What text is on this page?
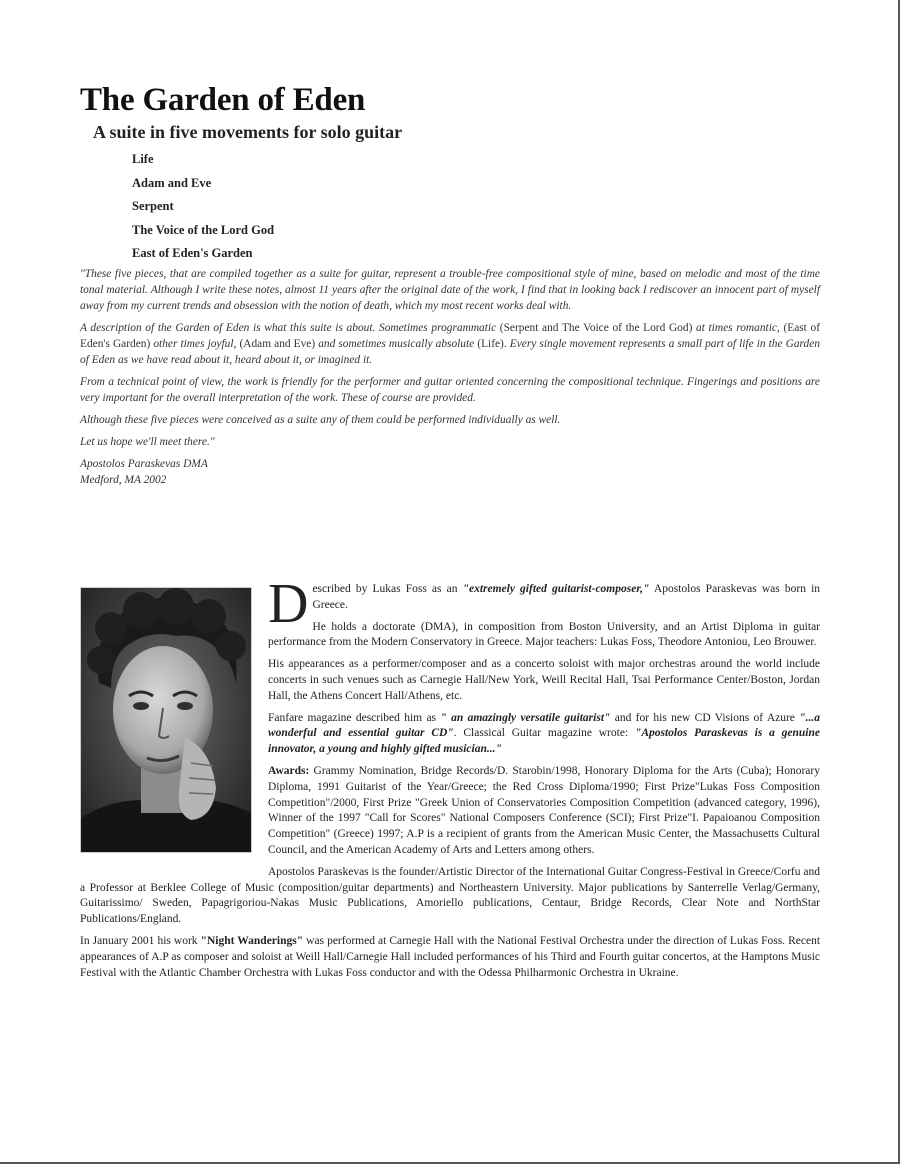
The Garden of Eden
A suite in five movements for solo guitar
Life
Adam and Eve
Serpent
The Voice of the Lord God
East of Eden's Garden

"These five pieces, that are compiled together as a suite for guitar, represent a trouble-free compositional style of mine, based on melodic and most of the time tonal material. Although I write these notes, almost 11 years after the original date of the work, I find that in looking back I rediscover an innocent part of myself away from my current trends and obsession with the notion of death, which my most recent works deal with.

A description of the Garden of Eden is what this suite is about. Sometimes programmatic (Serpent and The Voice of the Lord God) at times romantic, (East of Eden's Garden) other times joyful, (Adam and Eve) and sometimes musically absolute (Life). Every single movement represents a small part of life in the Garden of Eden as we have read about it, heard about it, or imagined it.

From a technical point of view, the work is friendly for the performer and guitar oriented concerning the compositional technique. Fingerings and positions are very important for the overall interpretation of the work. These of course are provided.

Although these five pieces were conceived as a suite any of them could be performed individually as well.

Let us hope we'll meet there."

Apostolos Paraskevas DMA

Medford, MA 2002

Described by Lukas Foss as an "extremely gifted guitarist-composer," Apostolos Paraskevas was born in Greece.

He holds a doctorate (DMA), in composition from Boston University, and an Artist Diploma in guitar performance from the Modern Conservatory in Greece. Major teachers: Lukas Foss, Theodore Antoniou, Leo Brouwer.

His appearances as a performer/composer and as a concerto soloist with major orchestras around the world include concerts in such venues such as Carnegie Hall/New York, Weill Recital Hall, Tsai Performance Center/Boston, Jordan Hall, the Athens Concert Hall/Athens, etc.

Fanfare magazine described him as " an amazingly versatile guitarist" and for his new CD Visions of Azure "...a wonderful and essential guitar CD". Classical Guitar magazine wrote: "Apostolos Paraskevas is a genuine innovator, a young and highly gifted musician..."

Awards: Grammy Nomination, Bridge Records/D. Starobin/1998, Honorary Diploma for the Arts (Cuba); Honorary Diploma, 1991 Guitarist of the Year/Greece; the Red Cross Diploma/1990; First Prize"Lukas Foss Composition Competition"/2000, First Prize "Greek Union of Conservatories Composition Competition (advanced category, 1996), Winner of the 1997 "Call for Scores" National Composers Conference (SCI); First Prize"I. Papaioanou Composition Competition" (Greece) 1997; A.P is a recipient of grants from the American Music Center, the Massachusetts Cultural Council, and the American Academy of Arts and Letters among others.

Apostolos Paraskevas is the founder/Artistic Director of the International Guitar Congress-Festival in Greece/Corfu and a Professor at Berklee College of Music (composition/guitar departments) and Northeastern University. Major publications by Santerrelle Verlag/Germany, Guitarissimo/ Sweden, Papagrigoriou-Nakas Music Publications, Amoriello publications, Centaur, Bridge Records, Clear Note and NorthStar Publications/England.

In January 2001 his work "Night Wanderings" was performed at Carnegie Hall with the National Festival Orchestra under the direction of Lukas Foss. Recent appearances of A.P as composer and soloist at Weill Hall/Carnegie Hall included performances of his Third and Fourth guitar concertos, at the Hamptons Music Festival with the Atlantic Chamber Orchestra with Lukas Foss conductor and with the Odessa Philharmonic Orchestra in Ukraine.
